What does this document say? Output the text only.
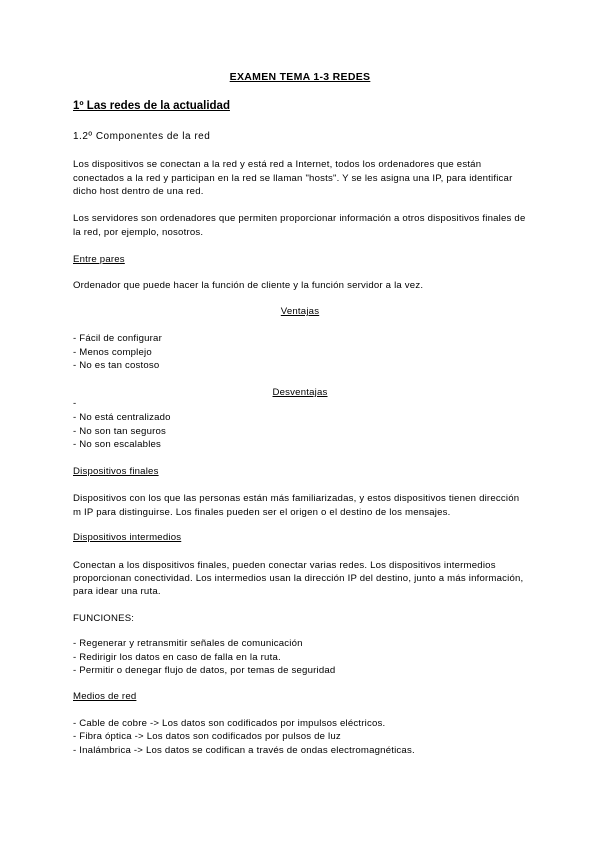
EXAMEN TEMA 1-3 REDES
1º Las redes de la actualidad
1.2º Componentes de la red
Los dispositivos se conectan a la red y está red a Internet, todos los ordenadores que están
conectados a la red y participan en la red se llaman "hosts". Y se les asigna una IP, para identificar
dicho host dentro de una red.
Los servidores son ordenadores que permiten proporcionar información a otros dispositivos finales de
la red, por ejemplo, nosotros.
Entre pares
Ordenador que puede hacer la función de cliente y la función servidor a la vez.
Ventajas
- Fácil de configurar
- Menos complejo
- No es tan costoso
Desventajas
-
- No está centralizado
- No son tan seguros
- No son escalables
Dispositivos finales
Dispositivos con los que las personas están más familiarizadas, y estos dispositivos tienen dirección
m IP para distinguirse. Los finales pueden ser el origen o el destino de los mensajes.
Dispositivos intermedios
Conectan a los dispositivos finales, pueden conectar varias redes. Los dispositivos intermedios
proporcionan conectividad. Los intermedios usan la dirección IP del destino, junto a más información,
para idear una ruta.
FUNCIONES:
- Regenerar y retransmitir señales de comunicación
- Redirigir los datos en caso de falla en la ruta.
- Permitir o denegar flujo de datos, por temas de seguridad
Medios de red
- Cable de cobre -> Los datos son codificados por impulsos eléctricos.
- Fibra óptica -> Los datos son codificados por pulsos de luz
- Inalámbrica -> Los datos se codifican a través de ondas electromagnéticas.
